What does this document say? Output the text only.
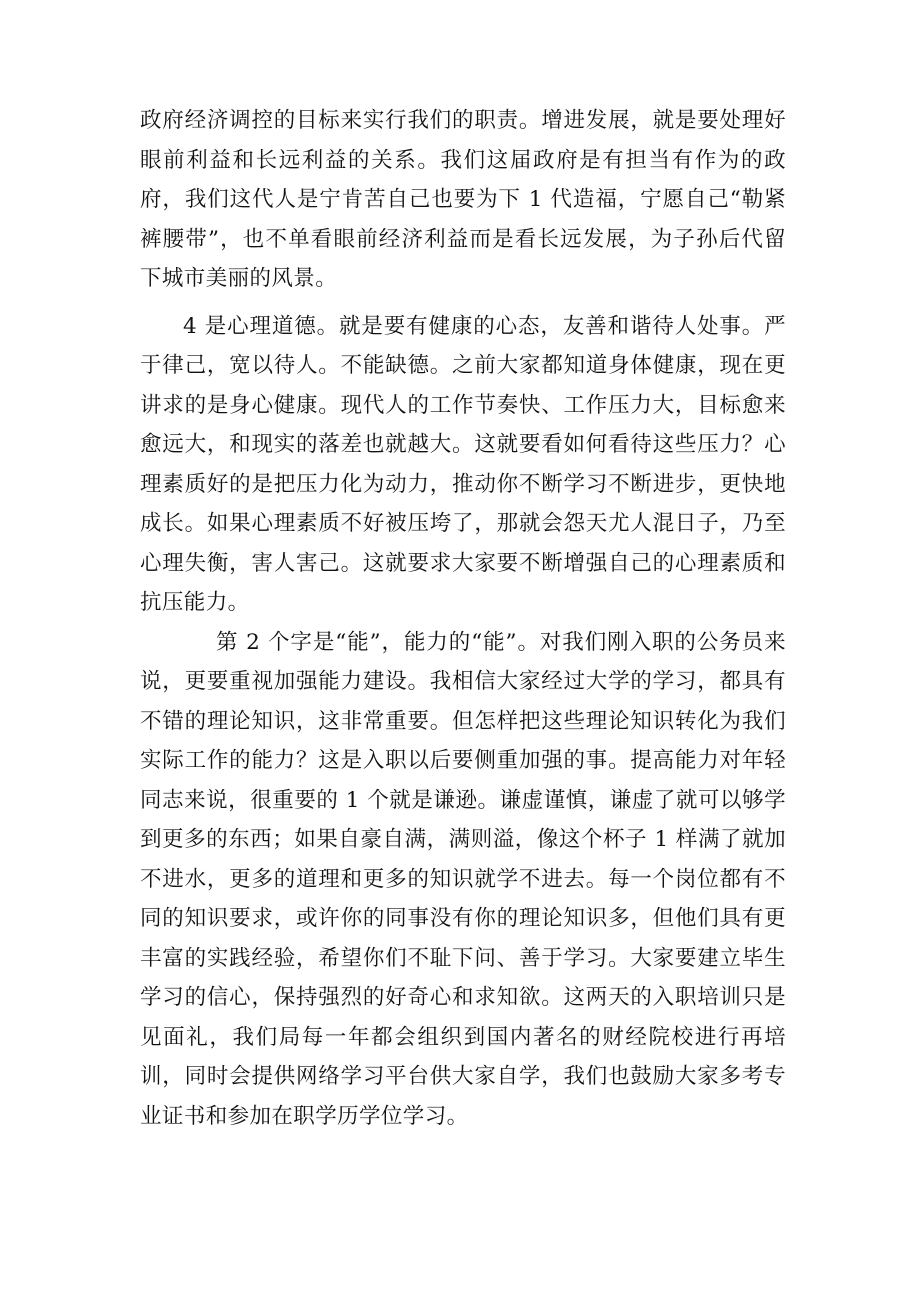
政府经济调控的目标来实行我们的职责。增进发展，就是要处理好眼前利益和长远利益的关系。我们这届政府是有担当有作为的政府，我们这代人是宁肯苦自己也要为下 1 代造福，宁愿自己“勒紧裤腰带”，也不单看眼前经济利益而是看长远发展，为子孙后代留下城市美丽的风景。

4 是心理道德。就是要有健康的心态，友善和谐待人处事。严于律己，宽以待人。不能缺德。之前大家都知道身体健康，现在更讲求的是身心健康。现代人的工作节奏快、工作压力大，目标愈来愈远大，和现实的落差也就越大。这就要看如何看待这些压力？心理素质好的是把压力化为动力，推动你不断学习不断进步，更快地成长。如果心理素质不好被压垮了，那就会怨天尤人混日子，乃至心理失衡，害人害己。这就要求大家要不断增强自己的心理素质和抗压能力。

第 2 个字是“能”，能力的“能”。对我们刚入职的公务员来说，更要重视加强能力建设。我相信大家经过大学的学习，都具有不错的理论知识，这非常重要。但怎样把这些理论知识转化为我们实际工作的能力？这是入职以后要侧重加强的事。提高能力对年轻同志来说，很重要的 1 个就是谦逊。谦虚谨慎，谦虚了就可以够学到更多的东西；如果自豪自满，满则溢，像这个杯子 1 样满了就加不进水，更多的道理和更多的知识就学不进去。每一个岗位都有不同的知识要求，或许你的同事没有你的理论知识多，但他们具有更丰富的实践经验，希望你们不耻下问、善于学习。大家要建立毕生学习的信心，保持强烈的好奇心和求知欲。这两天的入职培训只是见面礼，我们局每一年都会组织到国内著名的财经院校进行再培训，同时会提供网络学习平台供大家自学，我们也鼓励大家多考专业证书和参加在职学历学位学习。
